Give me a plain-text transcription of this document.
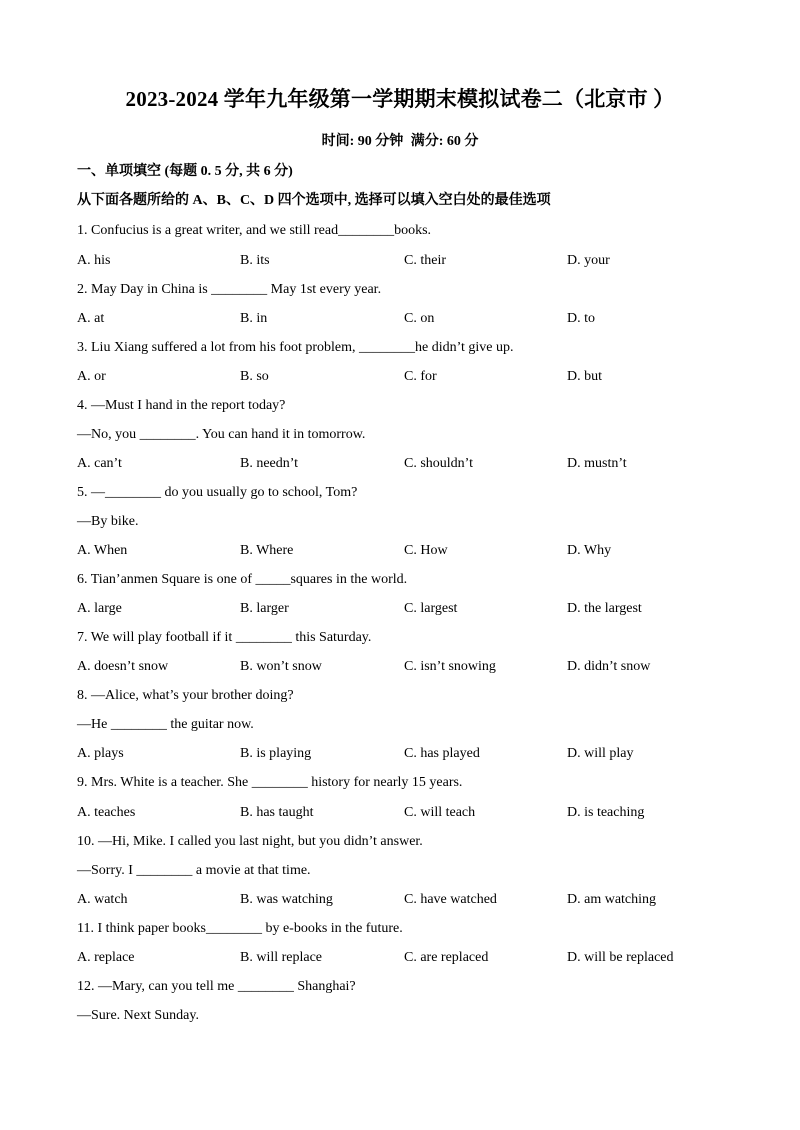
2023-2024 学年九年级第一学期期末模拟试卷二（北京市 ）
时间: 90 分钟 满分: 60 分
一、单项填空 (每题 0. 5 分, 共 6 分)
从下面各题所给的 A、B、C、D 四个选项中, 选择可以填入空白处的最佳选项
1. Confucius is a great writer, and we still read________books.
A. his	B. its	C. their	D. your
2. May Day in China is ________ May 1st every year.
A. at	B. in	C. on	D. to
3. Liu Xiang suffered a lot from his foot problem, ________he didn’t give up.
A. or	B. so	C. for	D. but
4. —Must I hand in the report today?
—No, you ________. You can hand it in tomorrow.
A. can’t	B. needn’t	C. shouldn’t	D. mustn’t
5. —________ do you usually go to school, Tom?
—By bike.
A. When	B. Where	C. How	D. Why
6. Tian’anmen Square is one of _____squares in the world.
A. large	B. larger	C. largest	D. the largest
7. We will play football if it ________ this Saturday.
A. doesn’t snow	B. won’t snow	C. isn’t snowing	D. didn’t snow
8. —Alice, what’s your brother doing?
—He ________ the guitar now.
A. plays	B. is playing	C. has played	D. will play
9. Mrs. White is a teacher. She ________ history for nearly 15 years.
A. teaches	B. has taught	C. will teach	D. is teaching
10. —Hi, Mike. I called you last night, but you didn’t answer.
—Sorry. I ________ a movie at that time.
A. watch	B. was watching	C. have watched	D. am watching
11. I think paper books________ by e-books in the future.
A. replace	B. will replace	C. are replaced	D. will be replaced
12. —Mary, can you tell me ________ Shanghai?
—Sure. Next Sunday.
